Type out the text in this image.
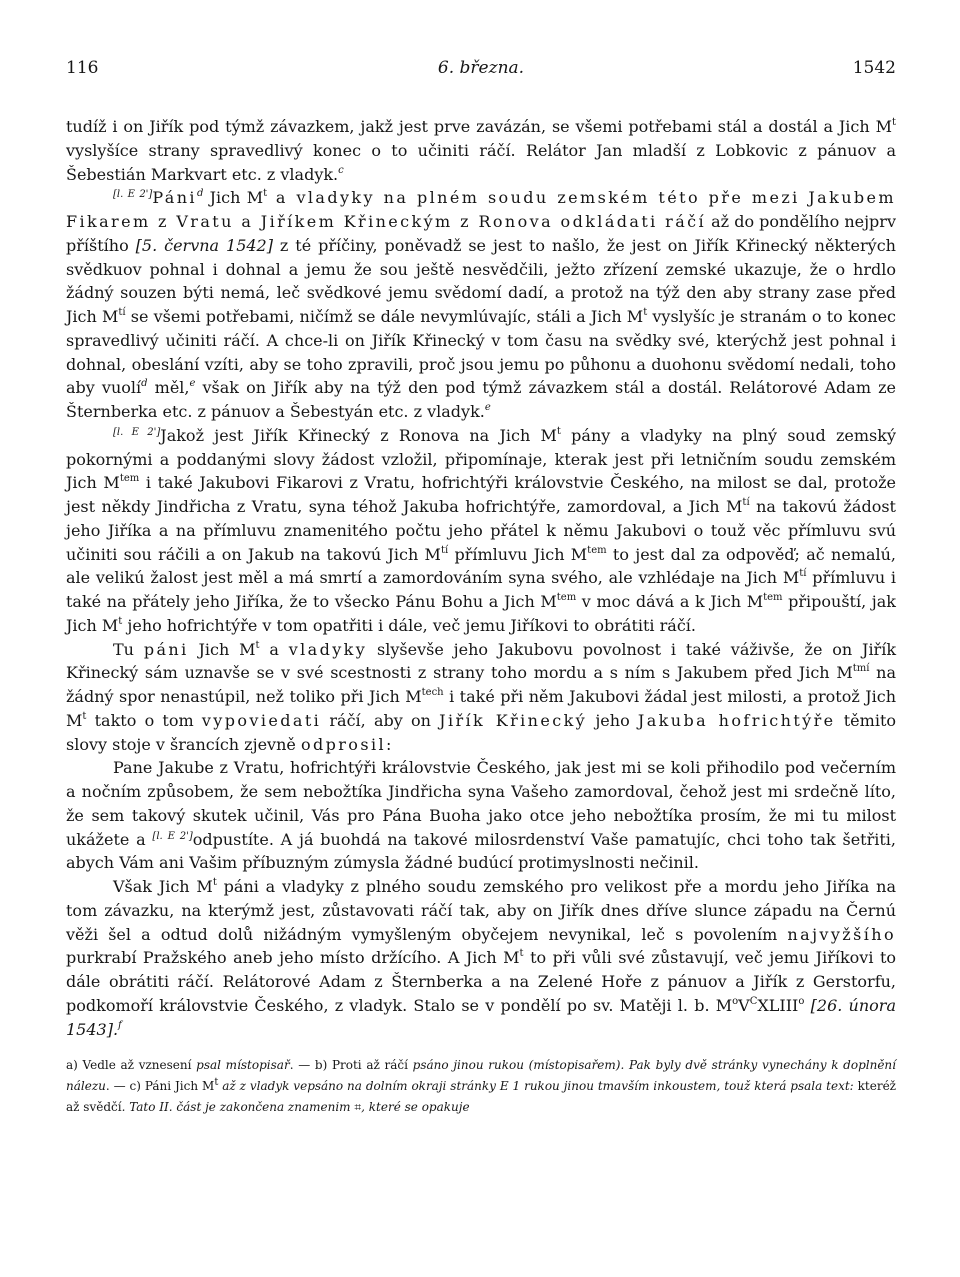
116	6. března.	1542

tudíž i on Jiřík pod týmž závazkem, jakž jest prve zavázán, se všemi potřebami stál a dostál a Jich $M^t$ vyslyšíce strany spravedlivý konec o to učiniti ráčí. Relátor Jan mladší z Lobkovic z pánuov a Šebestián Markvart etc. z vladyk.$^c$

[l. E 2']Páni$^d$ Jich $M^t$ a vladyky na plném soudu zemském této pře mezi Jakubem Fikarem z Vratu a Jiříkem Křineckým z Ronova odkládati ráčí až do pondělího nejprv příštího [5. června 1542] z té příčiny, poněvadž se jest to našlo, že jest on Jiřík Křinecký některých svědkuov pohnal i dohnal a jemu že sou ještě nesvědčili, ježto zřízení zemské ukazuje, že o hrdlo žádný souzen býti nemá, leč svědkové jemu svědomí dadí, a protož na týž den aby strany zase před Jich $M^{tí}$ se všemi potřebami, ničímž se dále nevymlúvajíc, stáli a Jich $M^t$ vyslyšíc je stranám o to konec spravedlivý učiniti ráčí. A chce-li on Jiřík Křinecký v tom času na svědky své, kterýchž jest pohnal i dohnal, obeslání vzíti, aby se toho zpravili, proč jsou jemu po půhonu a duohonu svědomí nedali, toho aby vuolí$^d$ měl,$^e$ však on Jiřík aby na týž den pod týmž závazkem stál a dostál. Relátorové Adam ze Šternberka etc. z pánuov a Šebestyán etc. z vladyk.$^e$

[l. E 2']Jakož jest Jiřík Křinecký z Ronova na Jich $M^t$ pány a vladyky na plný soud zemský pokornými a poddanými slovy žádost vzložil, připomínaje, kterak jest při letničním soudu zemském Jich $M^{tem}$ i také Jakubovi Fikarovi z Vratu, hofrichtýři královstvie Českého, na milost se dal, protože jest někdy Jindřicha z Vratu, syna téhož Jakuba hofrichtýře, zamordoval, a Jich $M^{tí}$ na takovú žádost jeho Jiříka a na přímluvu znamenitého počtu jeho přátel k němu Jakubovi o touž věc přímluvu svú učiniti sou ráčili a on Jakub na takovú Jich $M^{tí}$ přímluvu Jich $M^{tem}$ to jest dal za odpověď; ač nemalú, ale velikú žalost jest měl a má smrtí a zamordováním syna svého, ale vzhlédaje na Jich $M^{tí}$ přímluvu i také na přátely jeho Jiříka, že to všecko Pánu Bohu a Jich $M^{tem}$ v moc dává a k Jich $M^{tem}$ připouští, jak Jich $M^t$ jeho hofrichtýře v tom opatřiti i dále, več jemu Jiříkovi to obrátiti ráčí.

Tu páni Jich $M^t$ a vladyky slyševše jeho Jakubovu povolnost i také váživše, že on Jiřík Křinecký sám uznavše se v své scestnosti z strany toho mordu a s ním s Jakubem před Jich $M^{tmí}$ na žádný spor nenastúpil, než toliko při Jich $M^{tech}$ i také při něm Jakubovi žádal jest milosti, a protož Jich $M^t$ takto o tom vypoviedati ráčí, aby on Jiřík Křinecký jeho Jakuba hofrichtýře těmito slovy stoje v šrancích zjevně odprosil:

Pane Jakube z Vratu, hofrichtýři královstvie Českého, jak jest mi se koli přihodilo pod večerním a nočním způsobem, že sem nebožtíka Jindřicha syna Vašeho zamordoval, čehož jest mi srdečně líto, že sem takový skutek učinil, Vás pro Pána Buoha jako otce jeho nebožtíka prosím, že mi tu milost ukážete a [l. E 2']odpustíte. A já buohdá na takové milosrdenství Vaše pamatujíc, chci toho tak šetřiti, abych Vám ani Vašim příbuzným zúmysla žádné budúcí protimyslnosti nečinil.

Však Jich $M^t$ páni a vladyky z plného soudu zemského pro velikost pře a mordu jeho Jiříka na tom závazku, na kterýmž jest, zůstavovati ráčí tak, aby on Jiřík dnes dříve slunce západu na Černú věži šel a odtud dolů nižádným vymyšleným obyčejem nevynikal, leč s povolením najvyžšího purkrabí Pražského aneb jeho místo držícího. A Jich $M^t$ to při vůli své zůstavují, več jemu Jiříkovi to dále obrátiti ráčí. Relátorové Adam z Šternberka a na Zelené Hoře z pánuov a Jiřík z Gerstorfu, podkomoří královstvie Českého, z vladyk. Stalo se v pondělí po sv. Matěji l. b. $M^oV^CXLIII^o$ [26. února 1543].$^f$

a) Vedle až vznesení psal místopisař. — b) Proti až ráčí psáno jinou rukou (místopisařem). Pak byly dvě stránky vynechány k doplnění nálezu. — c) Páni Jich $M^t$ až z vladyk vepsáno na dolním okraji stránky E 1 rukou jinou tmavším inkoustem, touž která psala text: kteréž až svědčí. Tato II. část je zakončena znamenim ⌗, které se opakuje
